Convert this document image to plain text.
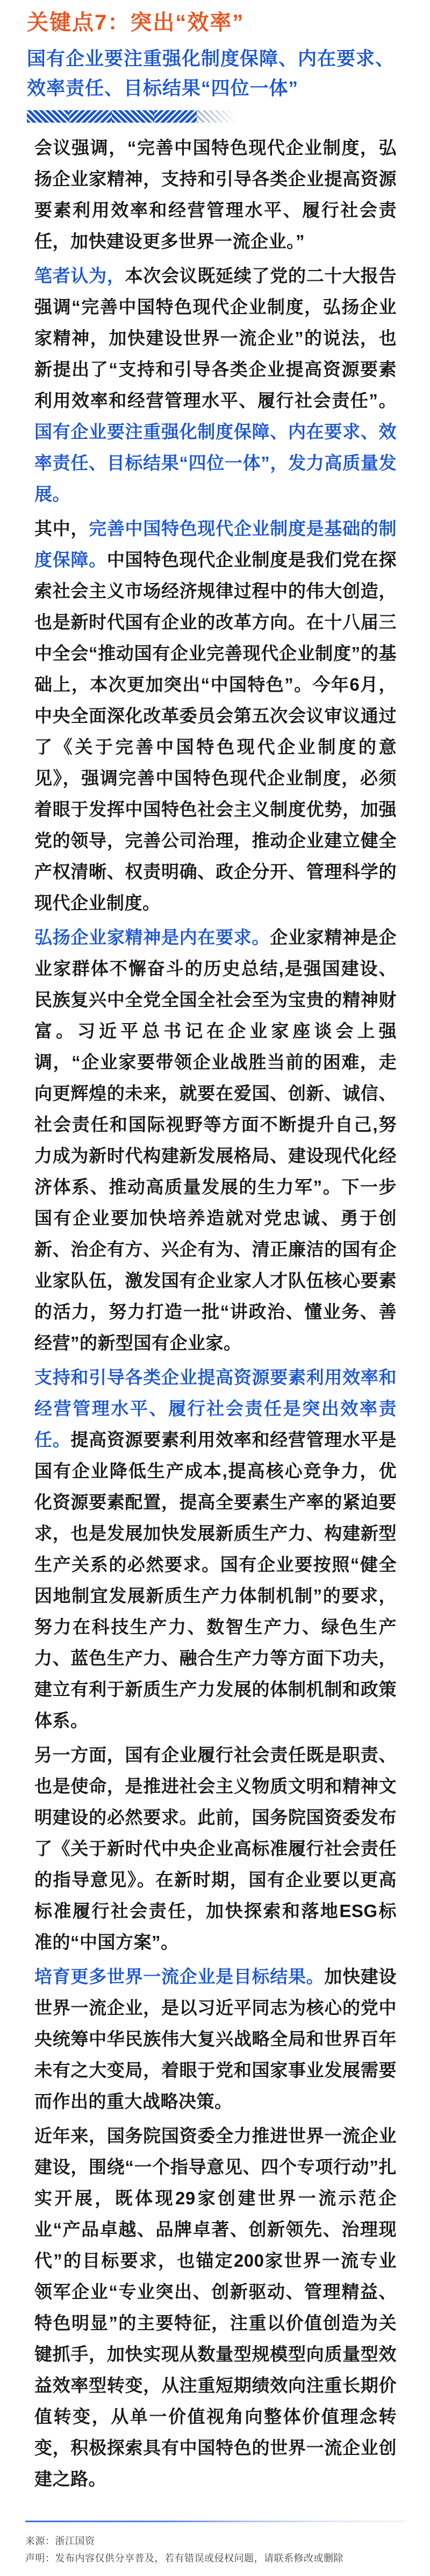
关键点7：突出“效率”
国有企业要注重强化制度保障、内在要求、
效率责任、目标结果“四位一体”

会议强调，“完善中国特色现代企业制度，弘扬企业家精神，支持和引导各类企业提高资源要素利用效率和经营管理水平、履行社会责任，加快建设更多世界一流企业。”

笔者认为，本次会议既延续了党的二十大报告强调“完善中国特色现代企业制度，弘扬企业家精神，加快建设世界一流企业”的说法，也新提出了“支持和引导各类企业提高资源要素利用效率和经营管理水平、履行社会责任”。国有企业要注重强化制度保障、内在要求、效率责任、目标结果“四位一体”，发力高质量发展。

其中，完善中国特色现代企业制度是基础的制度保障。中国特色现代企业制度是我们党在探索社会主义市场经济规律过程中的伟大创造，也是新时代国有企业的改革方向。在十八届三中全会“推动国有企业完善现代企业制度”的基础上，本次更加突出“中国特色”。今年6月，中央全面深化改革委员会第五次会议审议通过了《关于完善中国特色现代企业制度的意见》，强调完善中国特色现代企业制度，必须着眼于发挥中国特色社会主义制度优势，加强党的领导，完善公司治理，推动企业建立健全产权清晰、权责明确、政企分开、管理科学的现代企业制度。

弘扬企业家精神是内在要求。企业家精神是企业家群体不懈奋斗的历史总结,是强国建设、民族复兴中全党全国全社会至为宝贵的精神财富。习近平总书记在企业家座谈会上强调，“企业家要带领企业战胜当前的困难，走向更辉煌的未来，就要在爱国、创新、诚信、社会责任和国际视野等方面不断提升自己,努力成为新时代构建新发展格局、建设现代化经济体系、推动高质量发展的生力军”。下一步国有企业要加快培养造就对党忠诚、勇于创新、治企有方、兴企有为、清正廉洁的国有企业家队伍，激发国有企业家人才队伍核心要素的活力，努力打造一批“讲政治、懂业务、善经营”的新型国有企业家。

支持和引导各类企业提高资源要素利用效率和经营管理水平、履行社会责任是突出效率责任。提高资源要素利用效率和经营管理水平是国有企业降低生产成本,提高核心竞争力，优化资源要素配置，提高全要素生产率的紧迫要求，也是发展加快发展新质生产力、构建新型生产关系的必然要求。国有企业要按照“健全因地制宜发展新质生产力体制机制”的要求，努力在科技生产力、数智生产力、绿色生产力、蓝色生产力、融合生产力等方面下功夫，建立有利于新质生产力发展的体制机制和政策体系。

另一方面，国有企业履行社会责任既是职责、也是使命，是推进社会主义物质文明和精神文明建设的必然要求。此前，国务院国资委发布了《关于新时代中央企业高标准履行社会责任的指导意见》。在新时期，国有企业要以更高标准履行社会责任，加快探索和落地ESG标准的“中国方案”。

培育更多世界一流企业是目标结果。加快建设世界一流企业，是以习近平同志为核心的党中央统筹中华民族伟大复兴战略全局和世界百年未有之大变局，着眼于党和国家事业发展需要而作出的重大战略决策。

近年来，国务院国资委全力推进世界一流企业建设，围绕“一个指导意见、四个专项行动”扎实开展，既体现29家创建世界一流示范企业“产品卓越、品牌卓著、创新领先、治理现代”的目标要求，也锚定200家世界一流专业领军企业“专业突出、创新驱动、管理精益、特色明显”的主要特征，注重以价值创造为关键抓手，加快实现从数量型规模型向质量型效益效率型转变，从注重短期绩效向注重长期价值转变，从单一价值视角向整体价值理念转变，积极探索具有中国特色的世界一流企业创建之路。

来源：浙江国资
声明：发布内容仅供分享普及，若有错误或侵权问题，请联系修改或删除
